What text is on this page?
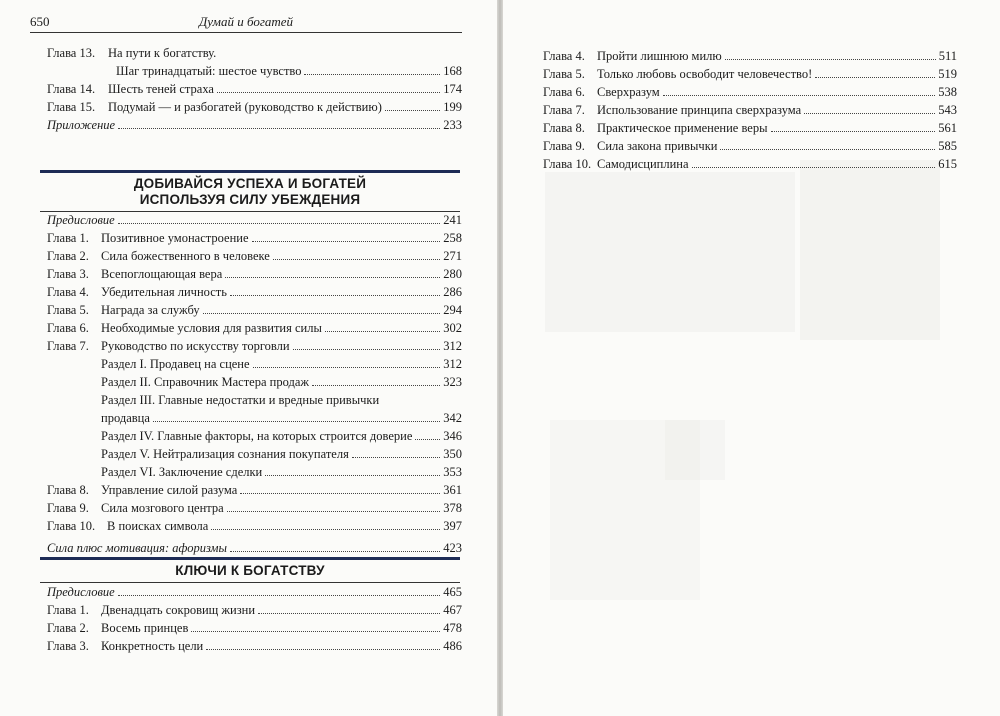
650	Думай и богатей
Глава 13. На пути к богатству.
Шаг тринадцатый: шестое чувство	168
Глава 14. Шесть теней страха	174
Глава 15. Подумай — и разбогатей (руководство к действию)	199
Приложение	233
ДОБИВАЙСЯ УСПЕХА И БОГАТЕЙ
ИСПОЛЬЗУЯ СИЛУ УБЕЖДЕНИЯ
Предисловие	241
Глава 1. Позитивное умонастроение	258
Глава 2. Сила божественного в человеке	271
Глава 3. Всепоглощающая вера	280
Глава 4. Убедительная личность	286
Глава 5. Награда за службу	294
Глава 6. Необходимые условия для развития силы	302
Глава 7. Руководство по искусству торговли	312
Раздел I. Продавец на сцене	312
Раздел II. Справочник Мастера продаж	323
Раздел III. Главные недостатки и вредные привычки
продавца	342
Раздел IV. Главные факторы, на которых строится доверие 346
Раздел V. Нейтрализация сознания покупателя	350
Раздел VI. Заключение сделки	353
Глава 8. Управление силой разума	361
Глава 9. Сила мозгового центра	378
Глава 10. В поисках символа	397
Сила плюс мотивация: афоризмы	423
КЛЮЧИ К БОГАТСТВУ
Предисловие	465
Глава 1. Двенадцать сокровищ жизни	467
Глава 2. Восемь принцев	478
Глава 3. Конкретность цели	486
Глава 4. Пройти лишнюю милю	511
Глава 5. Только любовь освободит человечество!	519
Глава 6. Сверхразум	538
Глава 7. Использование принципа сверхразума	543
Глава 8. Практическое применение веры	561
Глава 9. Сила закона привычки	585
Глава 10. Самодисциплина	615
